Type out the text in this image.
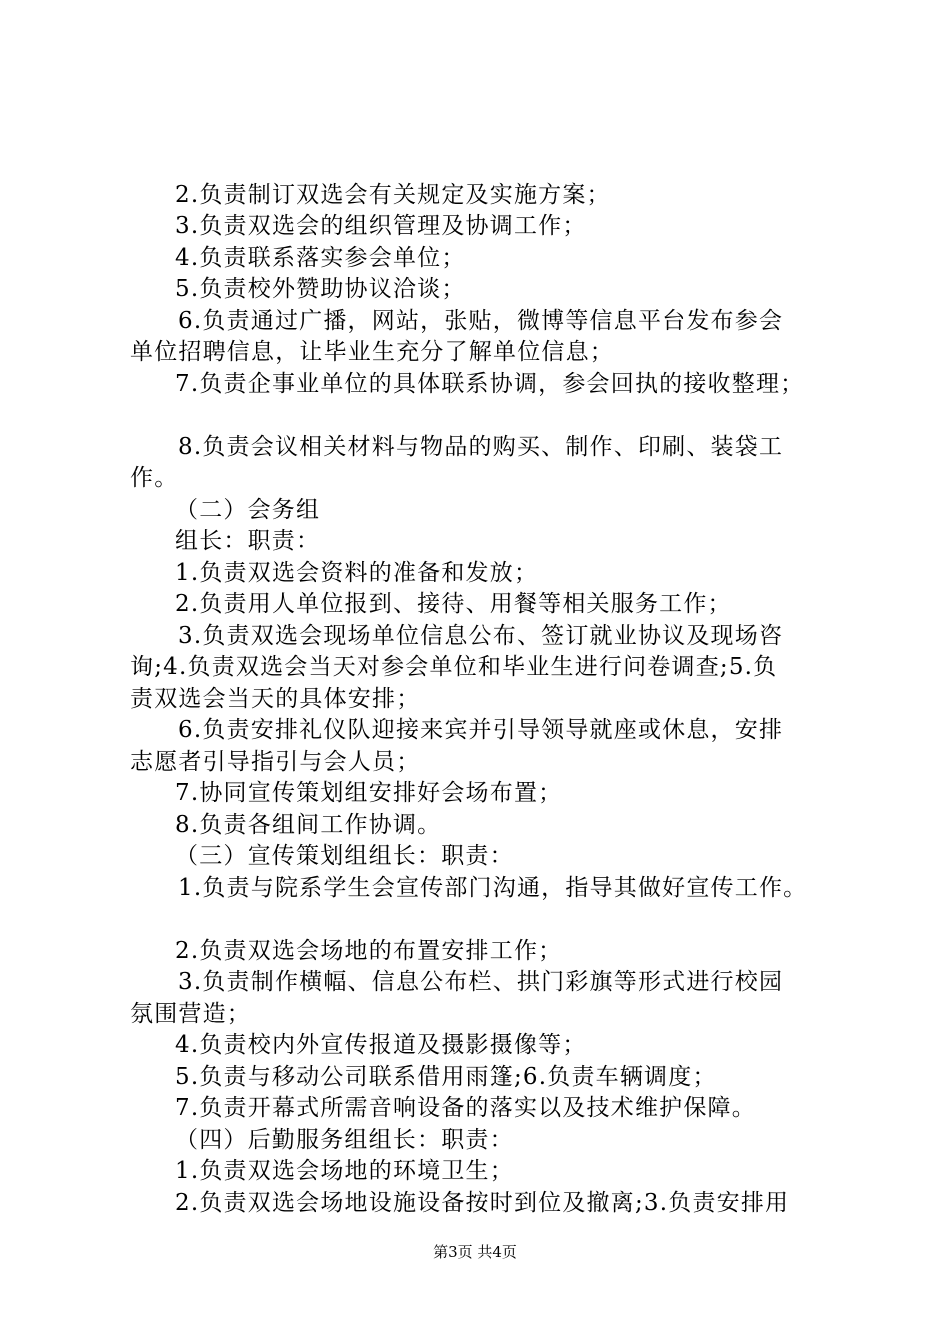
2.负责制订双选会有关规定及实施方案；
3.负责双选会的组织管理及协调工作；
4.负责联系落实参会单位；
5.负责校外赞助协议洽谈；
6.负责通过广播，网站，张贴，微博等信息平台发布参会
单位招聘信息，让毕业生充分了解单位信息；
7.负责企事业单位的具体联系协调，参会回执的接收整理；
8.负责会议相关材料与物品的购买、制作、印刷、装袋工
作。
（二）会务组
组长：职责：
1.负责双选会资料的准备和发放；
2.负责用人单位报到、接待、用餐等相关服务工作；
3.负责双选会现场单位信息公布、签订就业协议及现场咨
询;4.负责双选会当天对参会单位和毕业生进行问卷调查;5.负
责双选会当天的具体安排；
6.负责安排礼仪队迎接来宾并引导领导就座或休息，安排
志愿者引导指引与会人员；
7.协同宣传策划组安排好会场布置；
8.负责各组间工作协调。
（三）宣传策划组组长：职责：
1.负责与院系学生会宣传部门沟通，指导其做好宣传工作。
2.负责双选会场地的布置安排工作；
3.负责制作横幅、信息公布栏、拱门彩旗等形式进行校园
氛围营造；
4.负责校内外宣传报道及摄影摄像等；
5.负责与移动公司联系借用雨篷;6.负责车辆调度；
7.负责开幕式所需音响设备的落实以及技术维护保障。
（四）后勤服务组组长：职责：
1.负责双选会场地的环境卫生；
2.负责双选会场地设施设备按时到位及撤离;3.负责安排用
第3页 共4页
